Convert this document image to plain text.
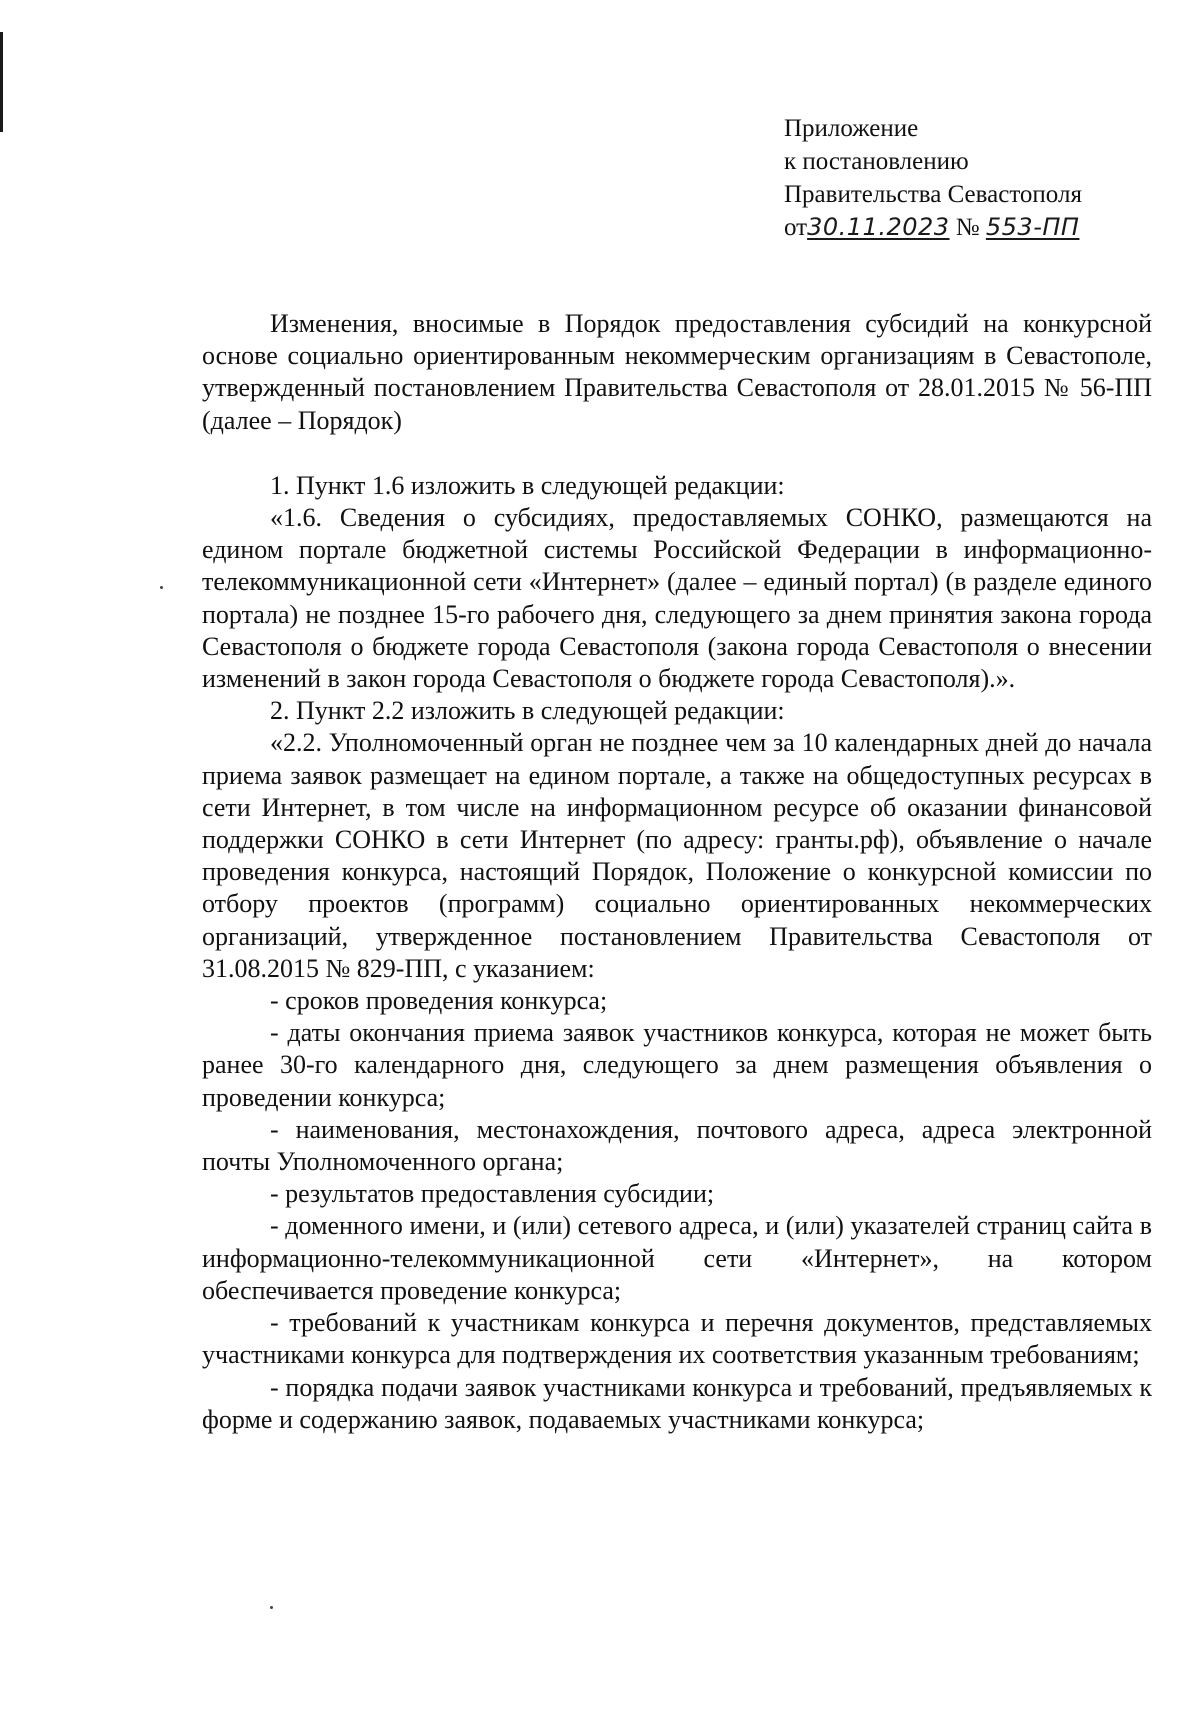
Приложение
к постановлению
Правительства Севастополя
от30.11.2023 № 553-ПП

Изменения, вносимые в Порядок предоставления субсидий на конкурсной основе социально ориентированным некоммерческим организациям в Севастополе, утвержденный постановлением Правительства Севастополя от 28.01.2015 № 56-ПП (далее – Порядок)

1. Пункт 1.6 изложить в следующей редакции:

«1.6. Сведения о субсидиях, предоставляемых СОНКО, размещаются на едином портале бюджетной системы Российской Федерации в информационно-телекоммуникационной сети «Интернет» (далее – единый портал) (в разделе единого портала) не позднее 15-го рабочего дня, следующего за днем принятия закона города Севастополя о бюджете города Севастополя (закона города Севастополя о внесении изменений в закон города Севастополя о бюджете города Севастополя).».

2. Пункт 2.2 изложить в следующей редакции:

«2.2. Уполномоченный орган не позднее чем за 10 календарных дней до начала приема заявок размещает на едином портале, а также на общедоступных ресурсах в сети Интернет, в том числе на информационном ресурсе об оказании финансовой поддержки СОНКО в сети Интернет (по адресу: гранты.рф), объявление о начале проведения конкурса, настоящий Порядок, Положение о конкурсной комиссии по отбору проектов (программ) социально ориентированных некоммерческих организаций, утвержденное постановлением Правительства Севастополя от 31.08.2015 № 829-ПП, с указанием:

- сроков проведения конкурса;

- даты окончания приема заявок участников конкурса, которая не может быть ранее 30-го календарного дня, следующего за днем размещения объявления о проведении конкурса;

- наименования, местонахождения, почтового адреса, адреса электронной почты Уполномоченного органа;

- результатов предоставления субсидии;

- доменного имени, и (или) сетевого адреса, и (или) указателей страниц сайта в информационно-телекоммуникационной сети «Интернет», на котором обеспечивается проведение конкурса;

- требований к участникам конкурса и перечня документов, представляемых участниками конкурса для подтверждения их соответствия указанным требованиям;

- порядка подачи заявок участниками конкурса и требований, предъявляемых к форме и содержанию заявок, подаваемых участниками конкурса;
